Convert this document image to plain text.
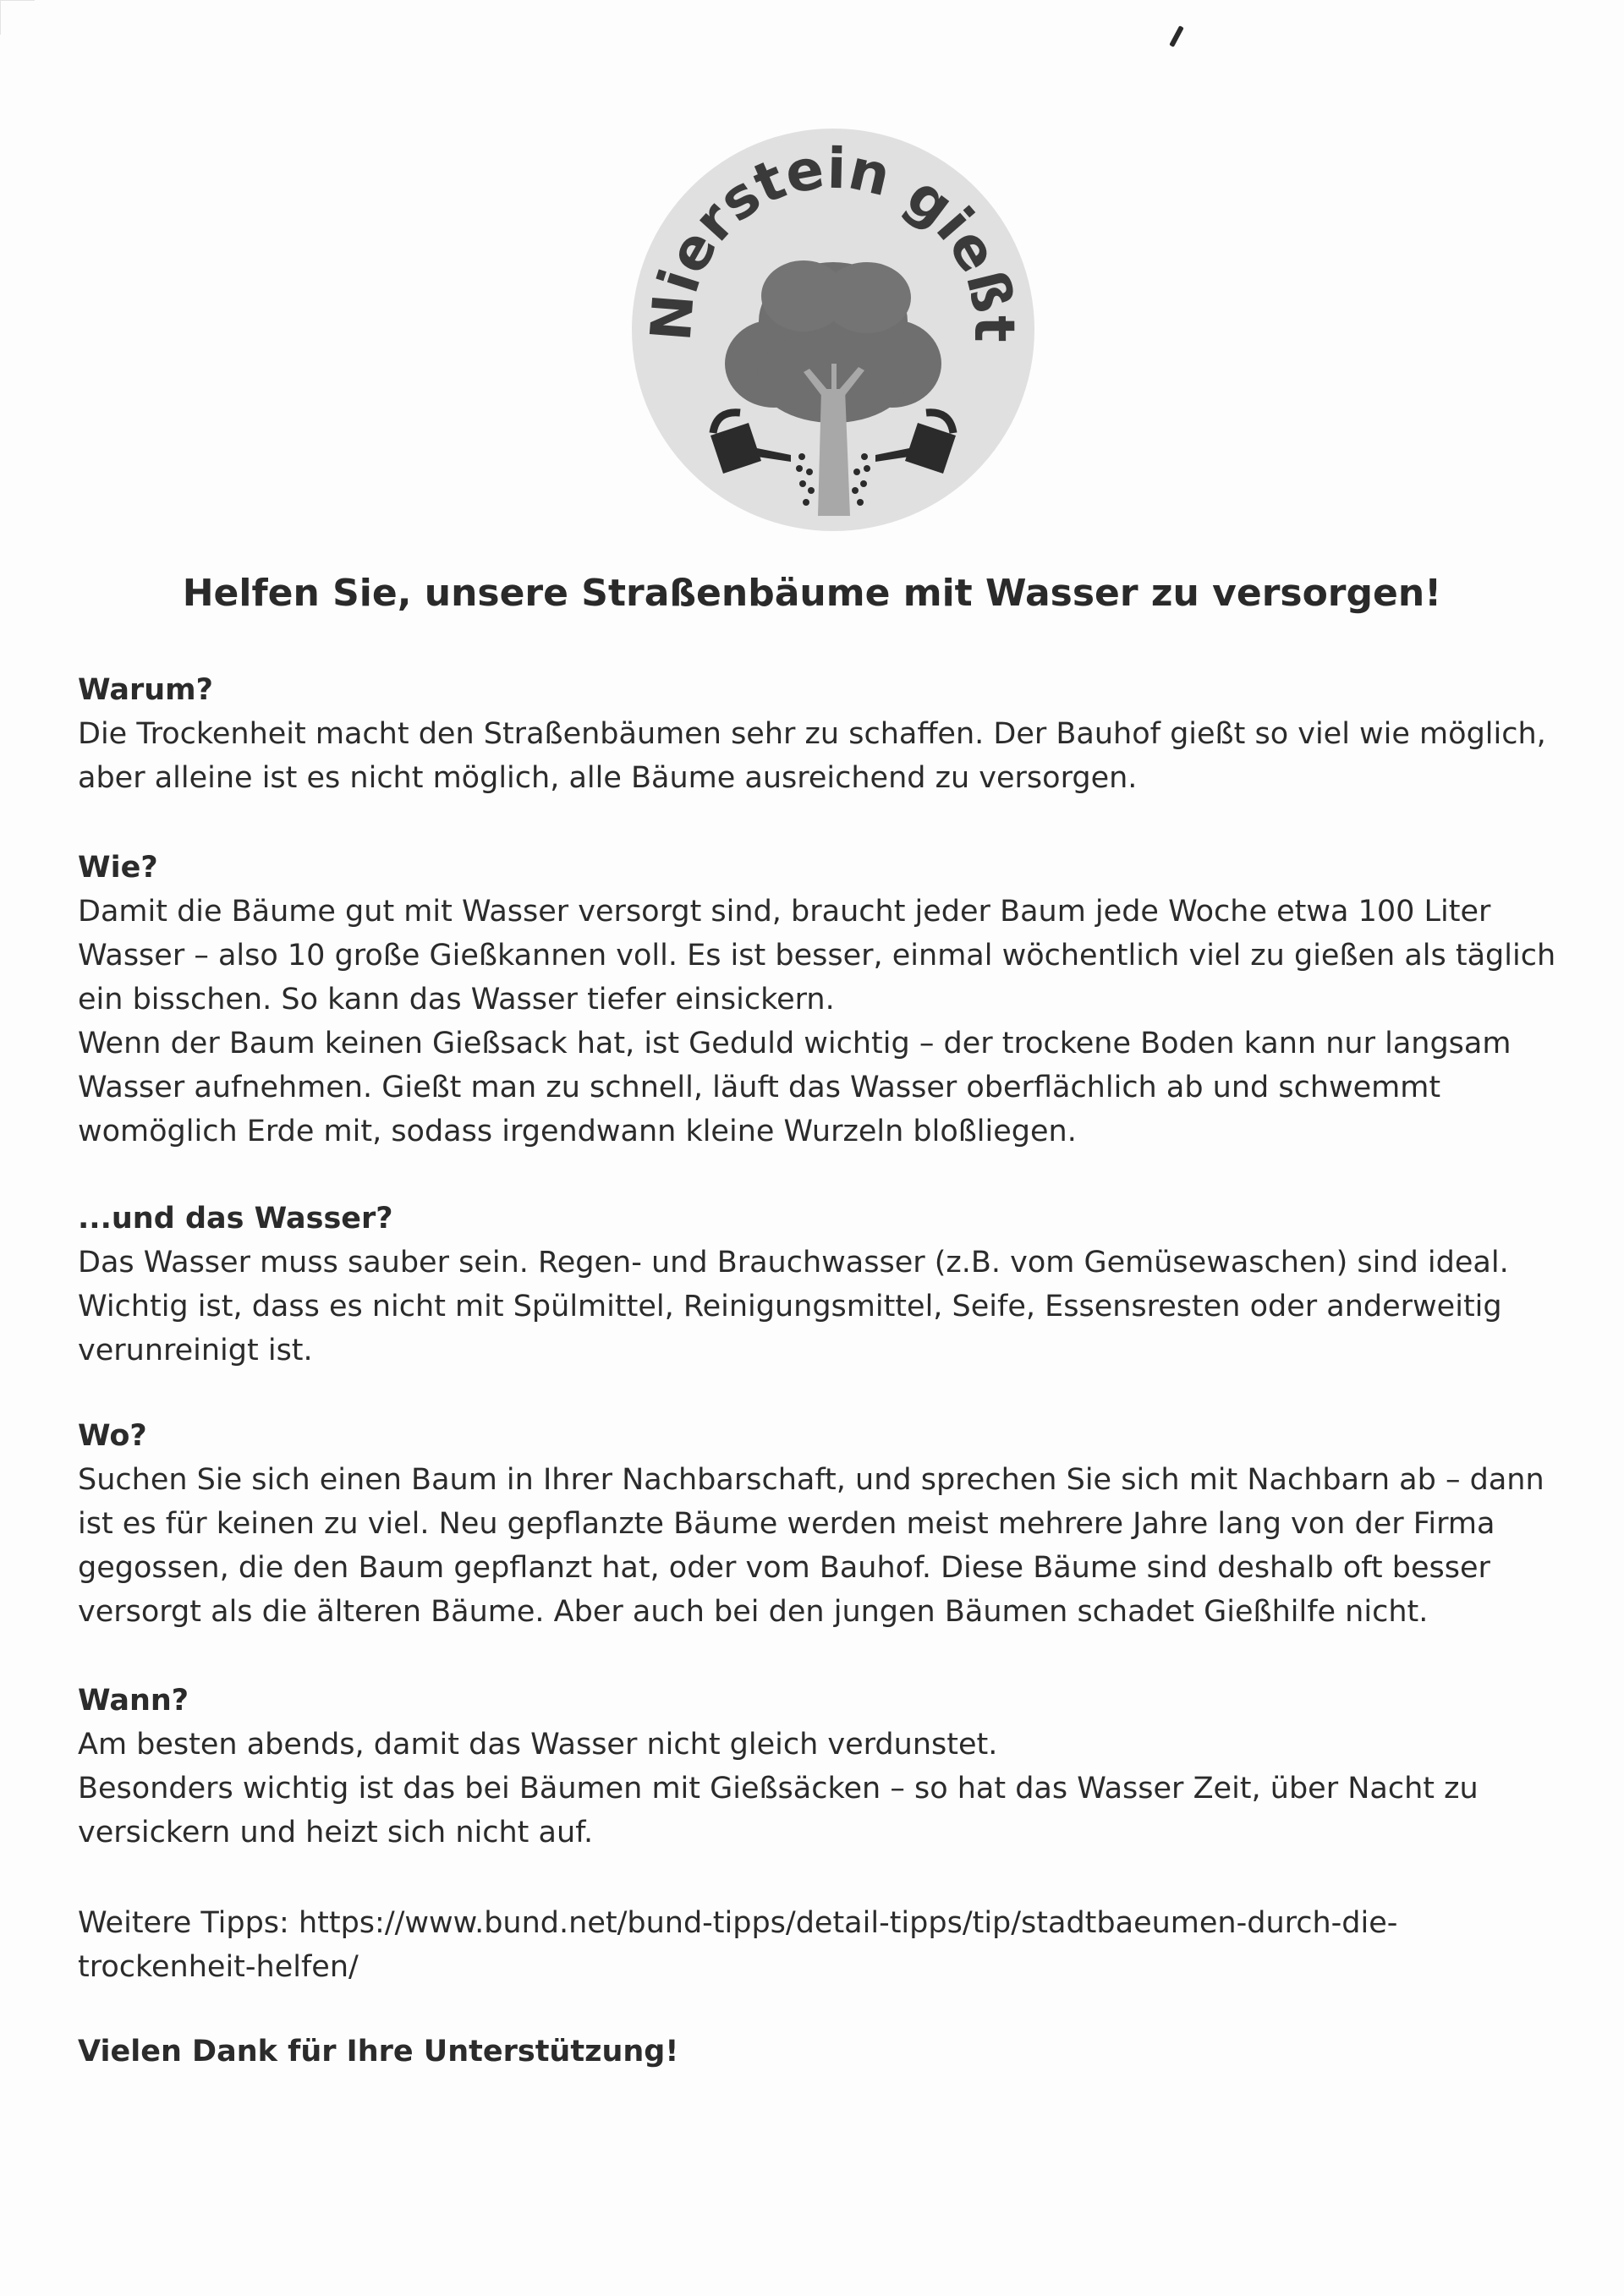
Nierstein gießt
Helfen Sie, unsere Straßenbäume mit Wasser zu versorgen!
Warum?

Die Trockenheit macht den Straßenbäumen sehr zu schaffen. Der Bauhof gießt so viel wie möglich,
aber alleine ist es nicht möglich, alle Bäume ausreichend zu versorgen.

Wie?

Damit die Bäume gut mit Wasser versorgt sind, braucht jeder Baum jede Woche etwa 100 Liter
Wasser – also 10 große Gießkannen voll. Es ist besser, einmal wöchentlich viel zu gießen als täglich
ein bisschen. So kann das Wasser tiefer einsickern.
Wenn der Baum keinen Gießsack hat, ist Geduld wichtig – der trockene Boden kann nur langsam
Wasser aufnehmen. Gießt man zu schnell, läuft das Wasser oberflächlich ab und schwemmt
womöglich Erde mit, sodass irgendwann kleine Wurzeln bloßliegen.

...und das Wasser?

Das Wasser muss sauber sein. Regen- und Brauchwasser (z.B. vom Gemüsewaschen) sind ideal.
Wichtig ist, dass es nicht mit Spülmittel, Reinigungsmittel, Seife, Essensresten oder anderweitig
verunreinigt ist.

Wo?

Suchen Sie sich einen Baum in Ihrer Nachbarschaft, und sprechen Sie sich mit Nachbarn ab – dann
ist es für keinen zu viel. Neu gepflanzte Bäume werden meist mehrere Jahre lang von der Firma
gegossen, die den Baum gepflanzt hat, oder vom Bauhof. Diese Bäume sind deshalb oft besser
versorgt als die älteren Bäume. Aber auch bei den jungen Bäumen schadet Gießhilfe nicht.

Wann?

Am besten abends, damit das Wasser nicht gleich verdunstet.
Besonders wichtig ist das bei Bäumen mit Gießsäcken – so hat das Wasser Zeit, über Nacht zu
versickern und heizt sich nicht auf.

Weitere Tipps: https://www.bund.net/bund-tipps/detail-tipps/tip/stadtbaeumen-durch-die-
trockenheit-helfen/

Vielen Dank für Ihre Unterstützung!
